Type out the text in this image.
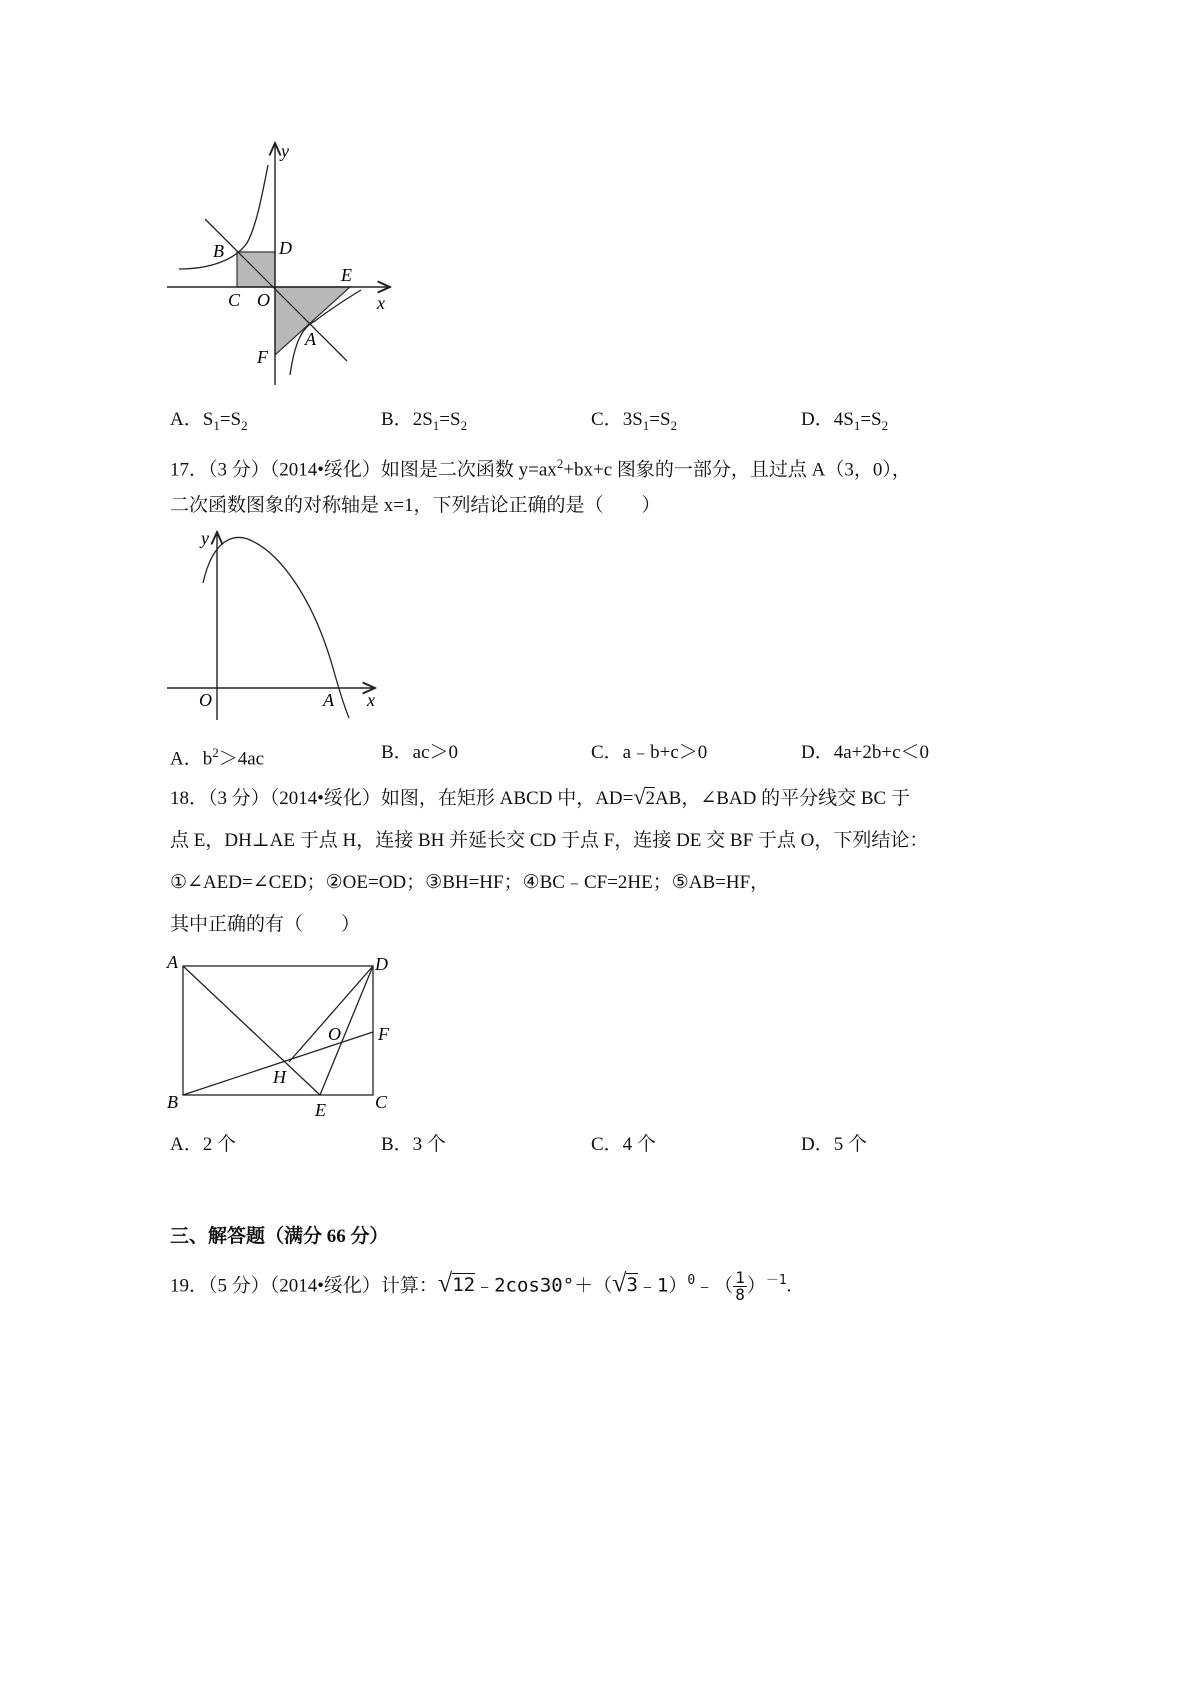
y
x
B	D
C O
E
F
A
A．$S_1=S_2$	B．$2S_1=S_2$	C．$3S_1=S_2$	D．$4S_1=S_2$
17．（3 分）（2014•绥化）如图是二次函数 $y=ax^2+bx+c$ 图象的一部分，且过点 A（3，0），
二次函数图象的对称轴是 x=1，下列结论正确的是（　　）
y
x
O	A
A．$b^2>4ac$	B．ac＞0	C．a﹣b+c＞0	D．4a+2b+c＜0
18．（3 分）（2014•绥化）如图，在矩形 ABCD 中，AD=√2AB，∠BAD 的平分线交 BC 于
点 E，DH⊥AE 于点 H，连接 BH 并延长交 CD 于点 F，连接 DE 交 BF 于点 O，下列结论：
①∠AED=∠CED；②OE=OD；③BH=HF；④BC﹣CF=2HE；⑤AB=HF，
其中正确的有（　　）
A	D
B	C
E
F
H
O
A．2 个	B．3 个	C．4 个	D．5 个
三、解答题（满分 66 分）
19．（5 分）（2014•绥化）计算：√12﹣2cos30°＋（√3﹣1）$^0$﹣（ $\frac{1}{8} )^{-1}$.
